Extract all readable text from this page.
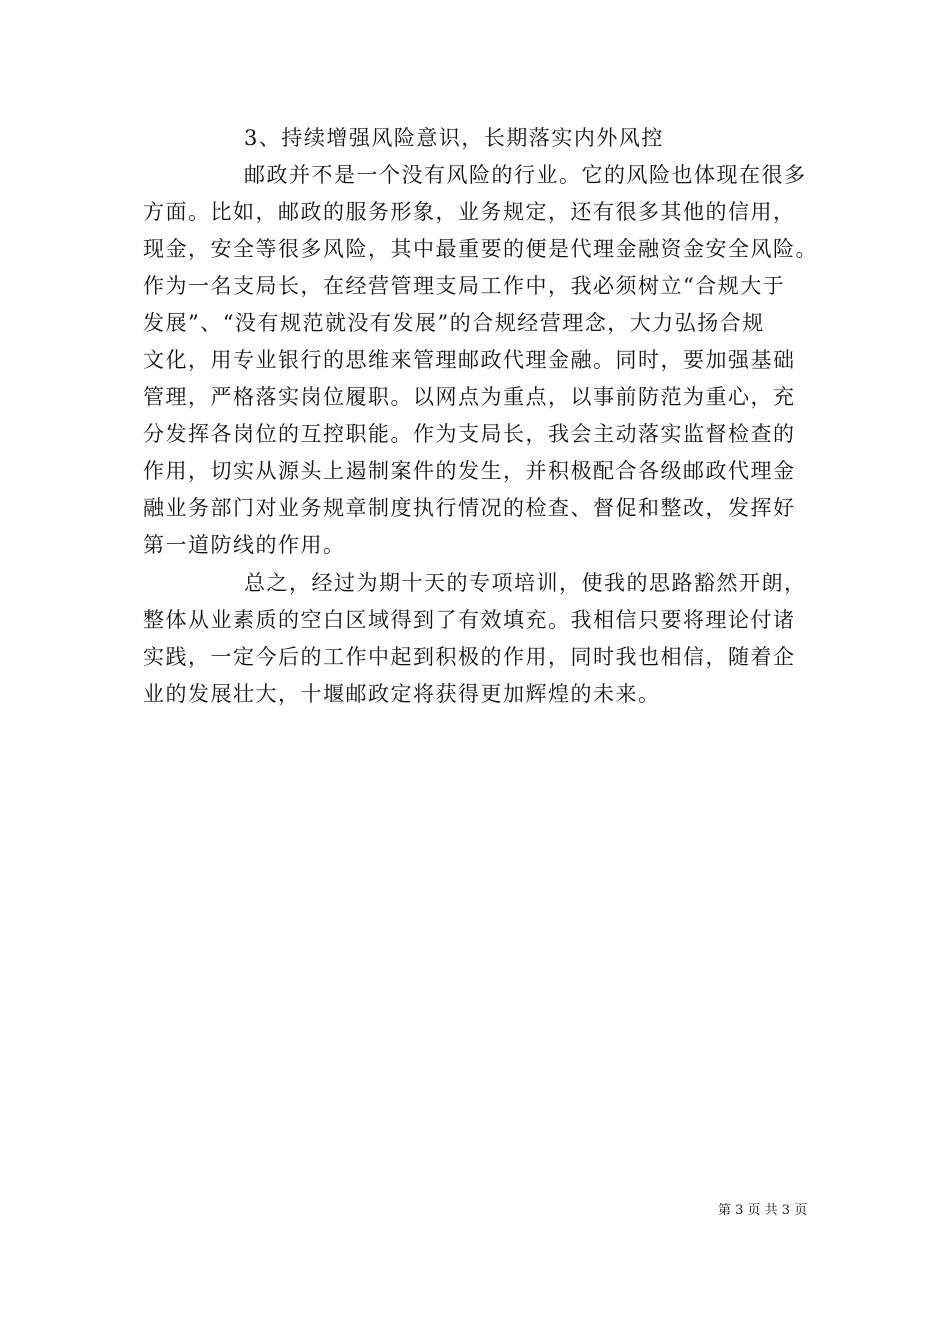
3、持续增强风险意识，长期落实内外风控
邮政并不是一个没有风险的行业。它的风险也体现在很多
方面。比如，邮政的服务形象，业务规定，还有很多其他的信用，
现金，安全等很多风险，其中最重要的便是代理金融资金安全风险。
作为一名支局长，在经营管理支局工作中，我必须树立“合规大于
发展”、“没有规范就没有发展”的合规经营理念，大力弘扬合规
文化，用专业银行的思维来管理邮政代理金融。同时，要加强基础
管理，严格落实岗位履职。以网点为重点，以事前防范为重心，充
分发挥各岗位的互控职能。作为支局长，我会主动落实监督检查的
作用，切实从源头上遏制案件的发生，并积极配合各级邮政代理金
融业务部门对业务规章制度执行情况的检查、督促和整改，发挥好
第一道防线的作用。
总之，经过为期十天的专项培训，使我的思路豁然开朗，
整体从业素质的空白区域得到了有效填充。我相信只要将理论付诸
实践，一定今后的工作中起到积极的作用，同时我也相信，随着企
业的发展壮大，十堰邮政定将获得更加辉煌的未来。
第 3 页 共 3 页
